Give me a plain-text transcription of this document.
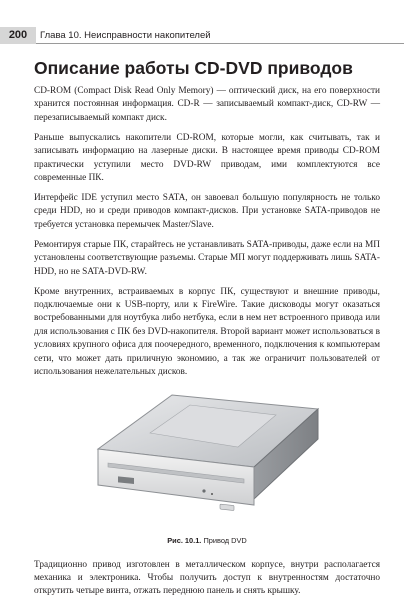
200	Глава 10. Неисправности накопителей
Описание работы CD-DVD приводов

CD-ROM (Compact Disk Read Only Memory) — оптический диск, на его поверхности хранится постоянная информация. CD-R — записываемый компакт-диск, CD-RW — перезаписываемый компакт диск.

Раньше выпускались накопители CD-ROM, которые могли, как считывать, так и записывать информацию на лазерные диски. В настоящее время приводы CD-ROM практически уступили место DVD-RW приводам, ими комплектуются все современные ПК.

Интерфейс IDE уступил место SATA, он завоевал большую популярность не только среди HDD, но и среди приводов компакт-дисков. При установке SATA-приводов не требуется установка перемычек Master/Slave.

Ремонтируя старые ПК, старайтесь не устанавливать SATA-приводы, даже если на МП установлены соответствующие разъемы. Старые МП могут поддерживать лишь SATA-HDD, но не SATA-DVD-RW.

Кроме внутренних, встраиваемых в корпус ПК, существуют и внешние приводы, подключаемые они к USB-порту, или к FireWire. Такие дисководы могут оказаться востребованными для ноутбука либо нетбука, если в нем нет встроенного привода или для использования с ПК без DVD-накопителя. Второй вариант может использоваться в условиях крупного офиса для поочередного, временного, подключения к компьютерам сети, что может дать приличную экономию, а так же ограничит пользователей от использования нежелательных дисков.

Рис. 10.1. Привод DVD

Традиционно привод изготовлен в металлическом корпусе, внутри располагается механика и электроника. Чтобы получить доступ к внутренностям достаточно открутить четыре винта, отжать переднюю панель и снять крышку.
